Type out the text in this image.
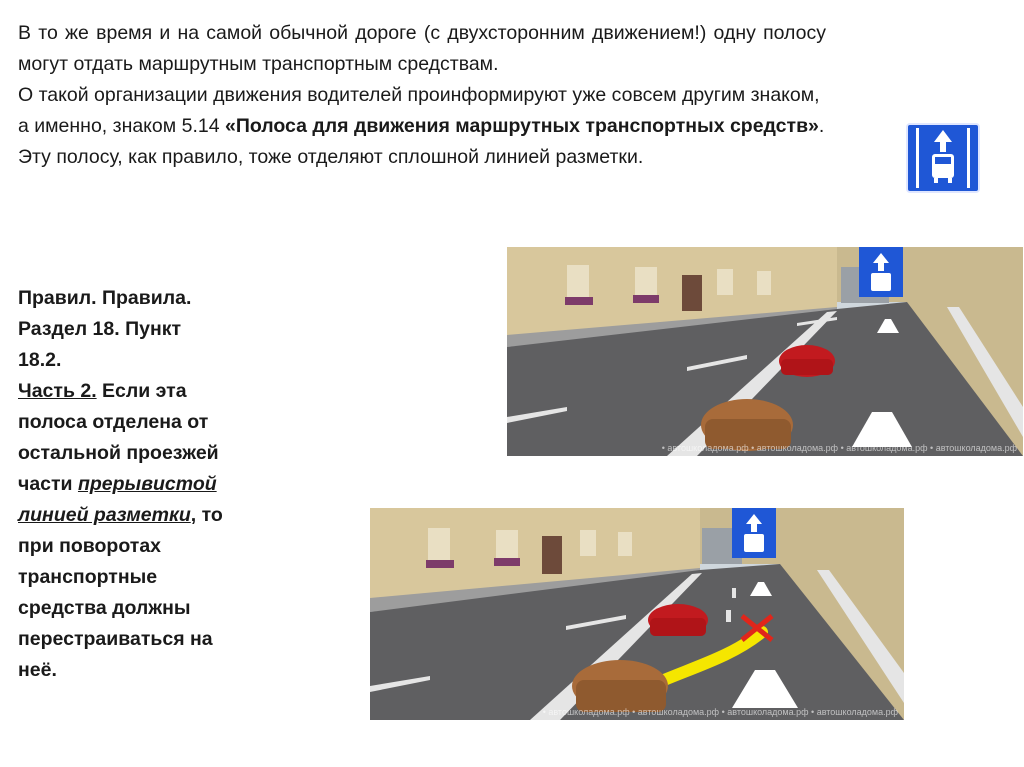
В то же время и на самой обычной дороге (с двухсторонним движением!) одну полосу могут отдать маршрутным транспортным средствам.

О такой организации движения водителей проинформируют уже совсем другим знаком, а именно, знаком 5.14 «Полоса для движения маршрутных транспортных средств».

Эту полосу, как правило, тоже отделяют сплошной линией разметки.

Правил. Правила.
Раздел 18. Пункт
18.2.
Часть 2. Если эта полоса отделена от остальной проезжей части прерывистой линией разметки, то при поворотах транспортные средства должны перестраиваться на неё.
• автошколадома.рф • автошколадома.рф • автошколадома.рф • автошколадома.рф
• автошколадома.рф • автошколадома.рф • автошколадома.рф • автошколадома.рф
